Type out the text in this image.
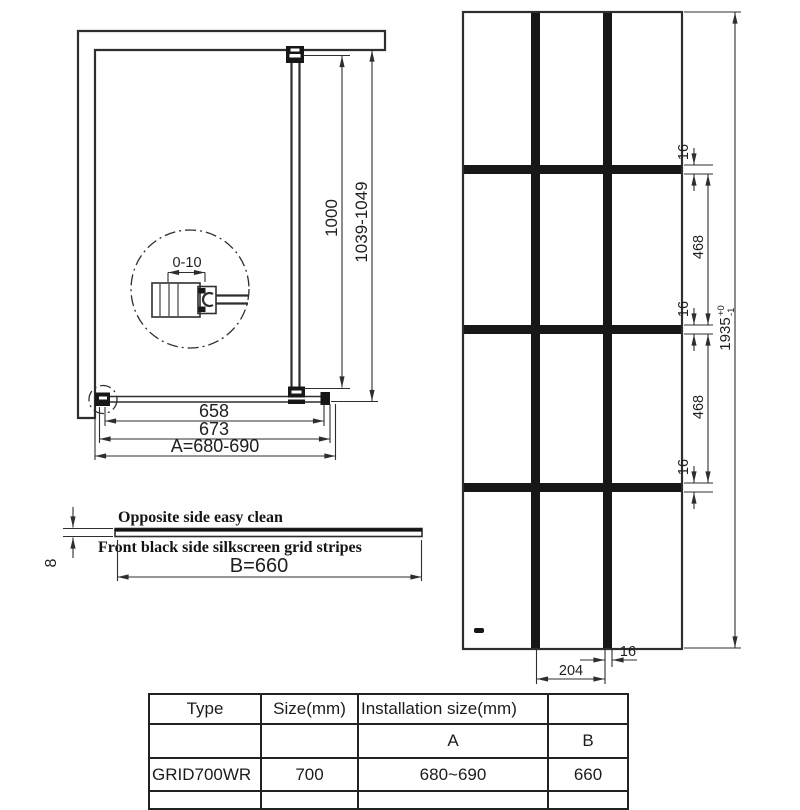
0-10
1000 1039-1049
658
673
A=680-690
Opposite side easy clean
Front black side silkscreen grid stripes
8	B=660
16
16
16
468
468
1935
+0 -1
16
204
Type	Size(mm)	Installation size(mm)	
		A	B
GRID700WR	700	680~690	660
